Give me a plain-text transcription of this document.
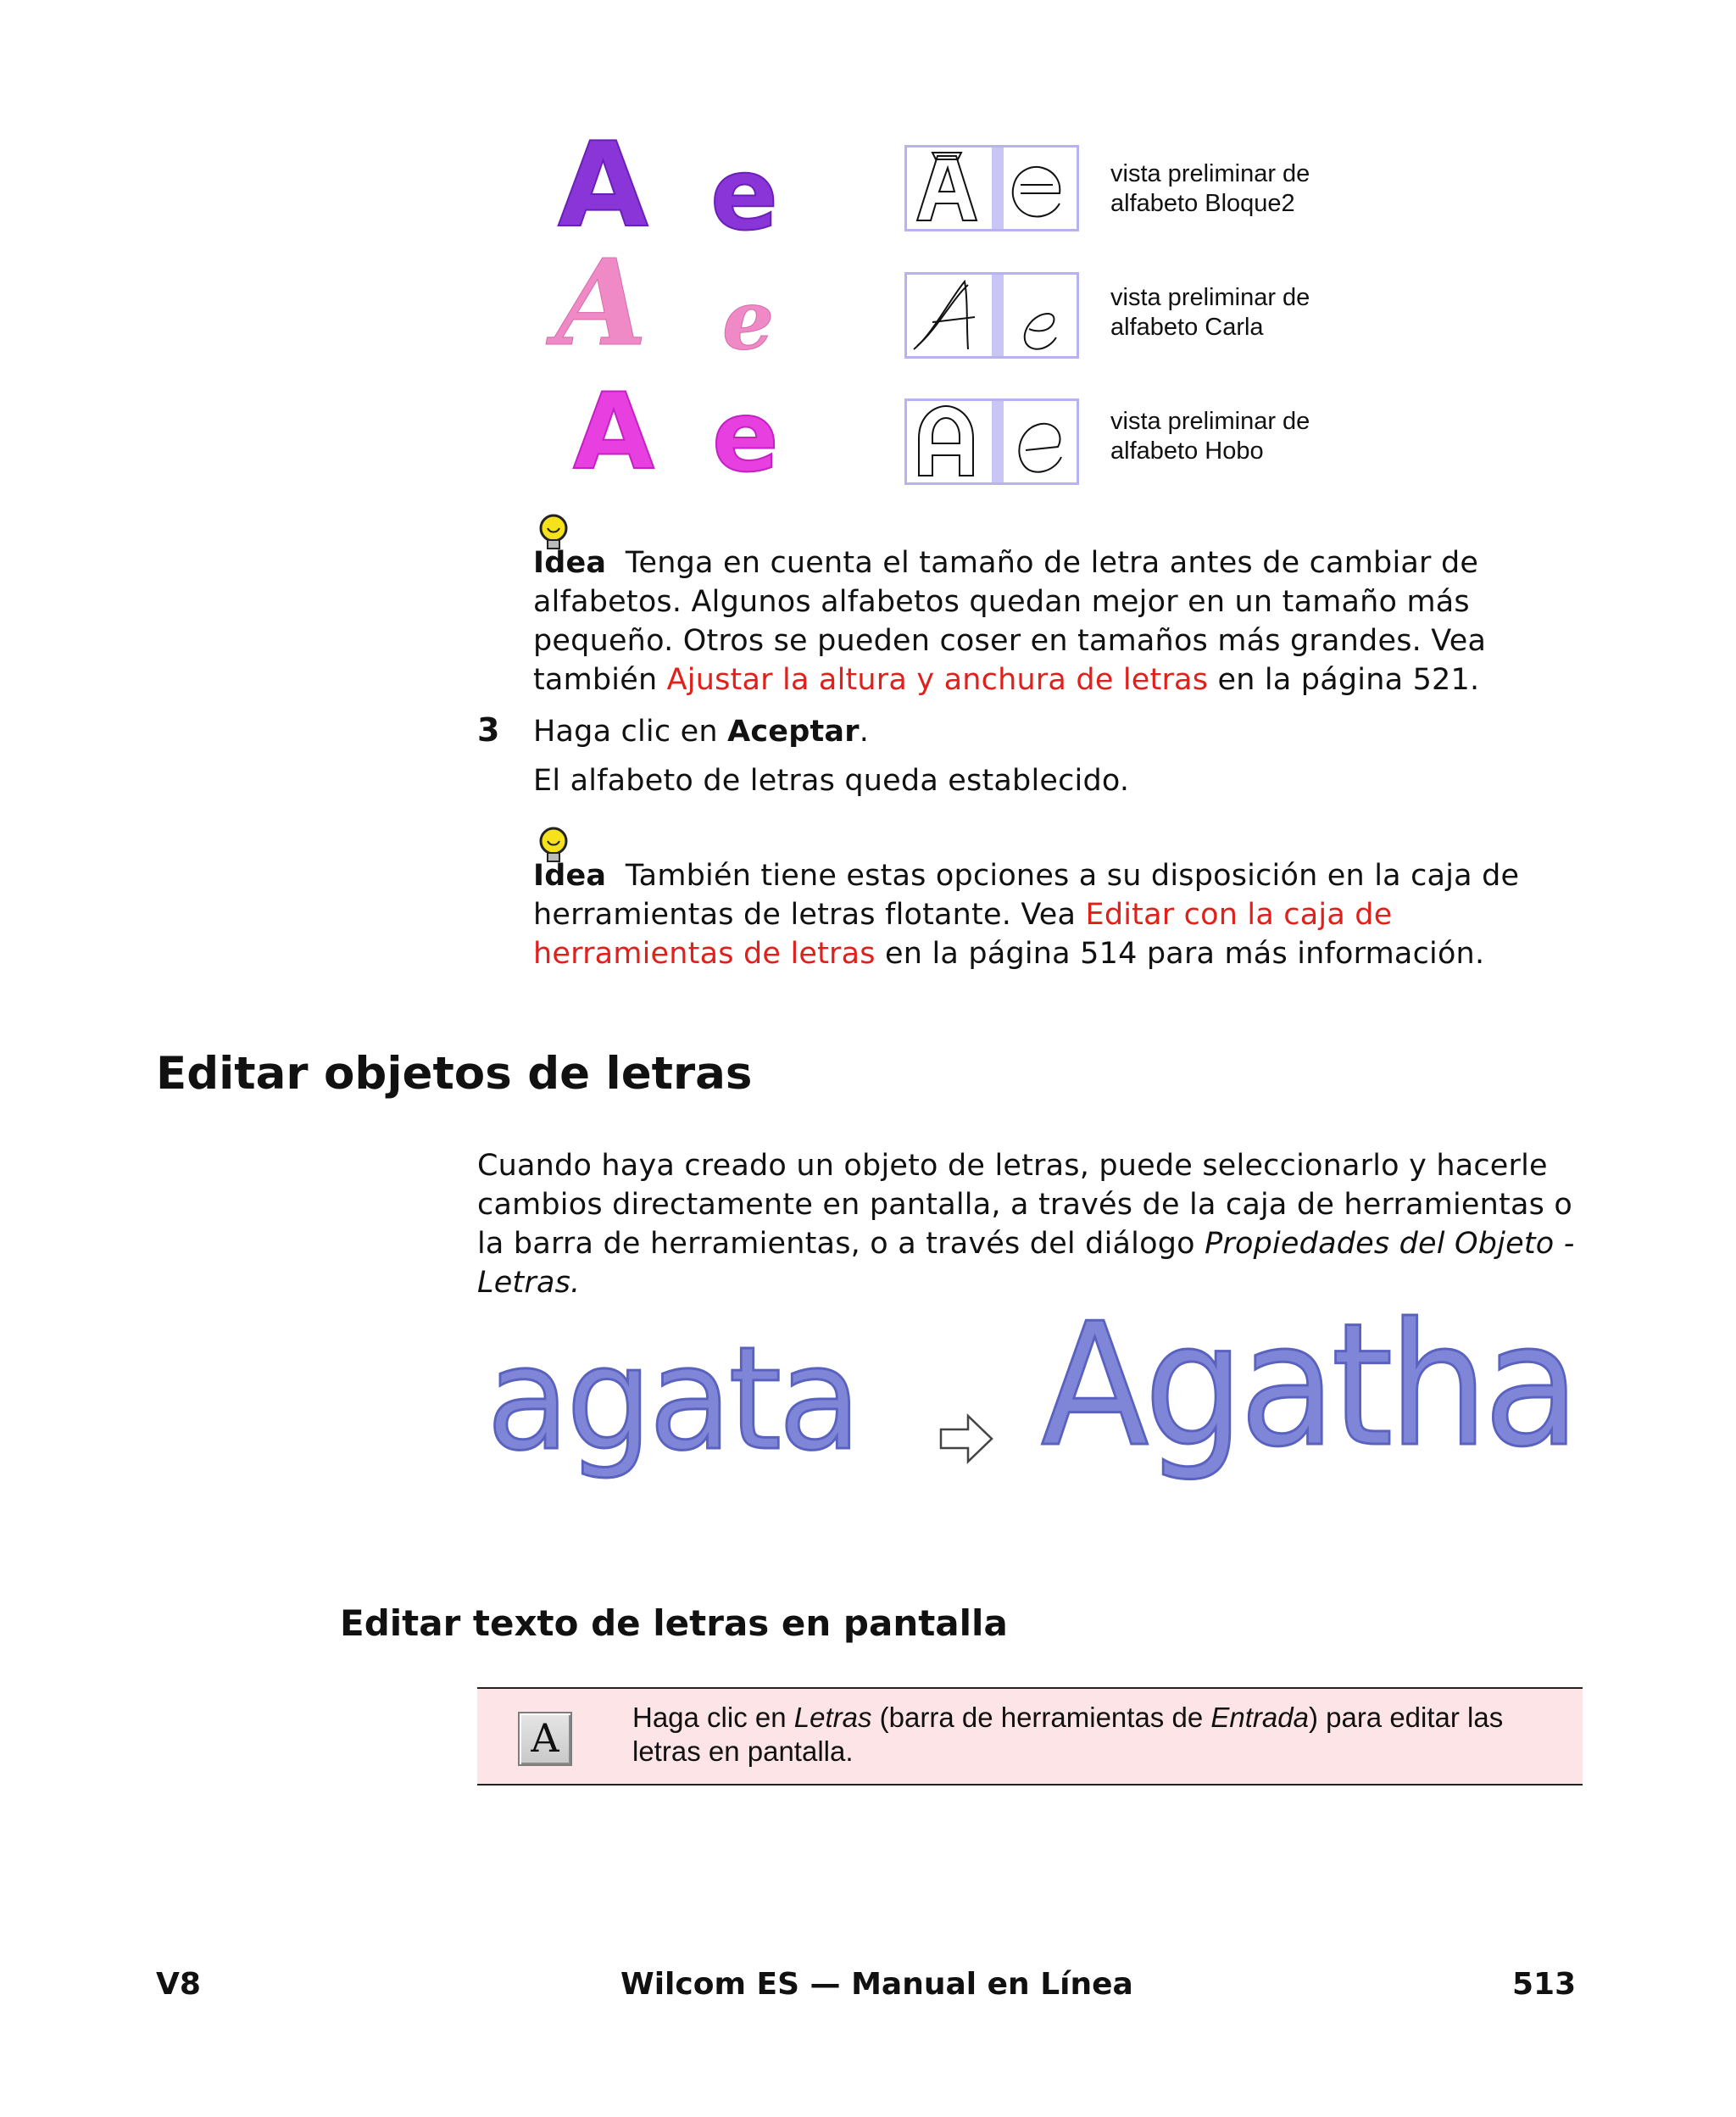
A e	vista preliminar de
alfabeto Bloque2
A e	vista preliminar de
alfabeto Carla
A e	vista preliminar de
alfabeto Hobo
Idea Tenga en cuenta el tamaño de letra antes de cambiar de alfabetos. Algunos alfabetos quedan mejor en un tamaño más pequeño. Otros se pueden coser en tamaños más grandes. Vea también Ajustar la altura y anchura de letras en la página 521.
3 Haga clic en Aceptar.
El alfabeto de letras queda establecido.
Idea También tiene estas opciones a su disposición en la caja de herramientas de letras flotante. Vea Editar con la caja de herramientas de letras en la página 514 para más información.
Editar objetos de letras
Cuando haya creado un objeto de letras, puede seleccionarlo y hacerle cambios directamente en pantalla, a través de la caja de herramientas o la barra de herramientas, o a través del diálogo Propiedades del Objeto - Letras.
agata Agatha
Editar texto de letras en pantalla
A	Haga clic en Letras (barra de herramientas de Entrada) para editar las letras en pantalla.
V8	Wilcom ES — Manual en Línea	513
